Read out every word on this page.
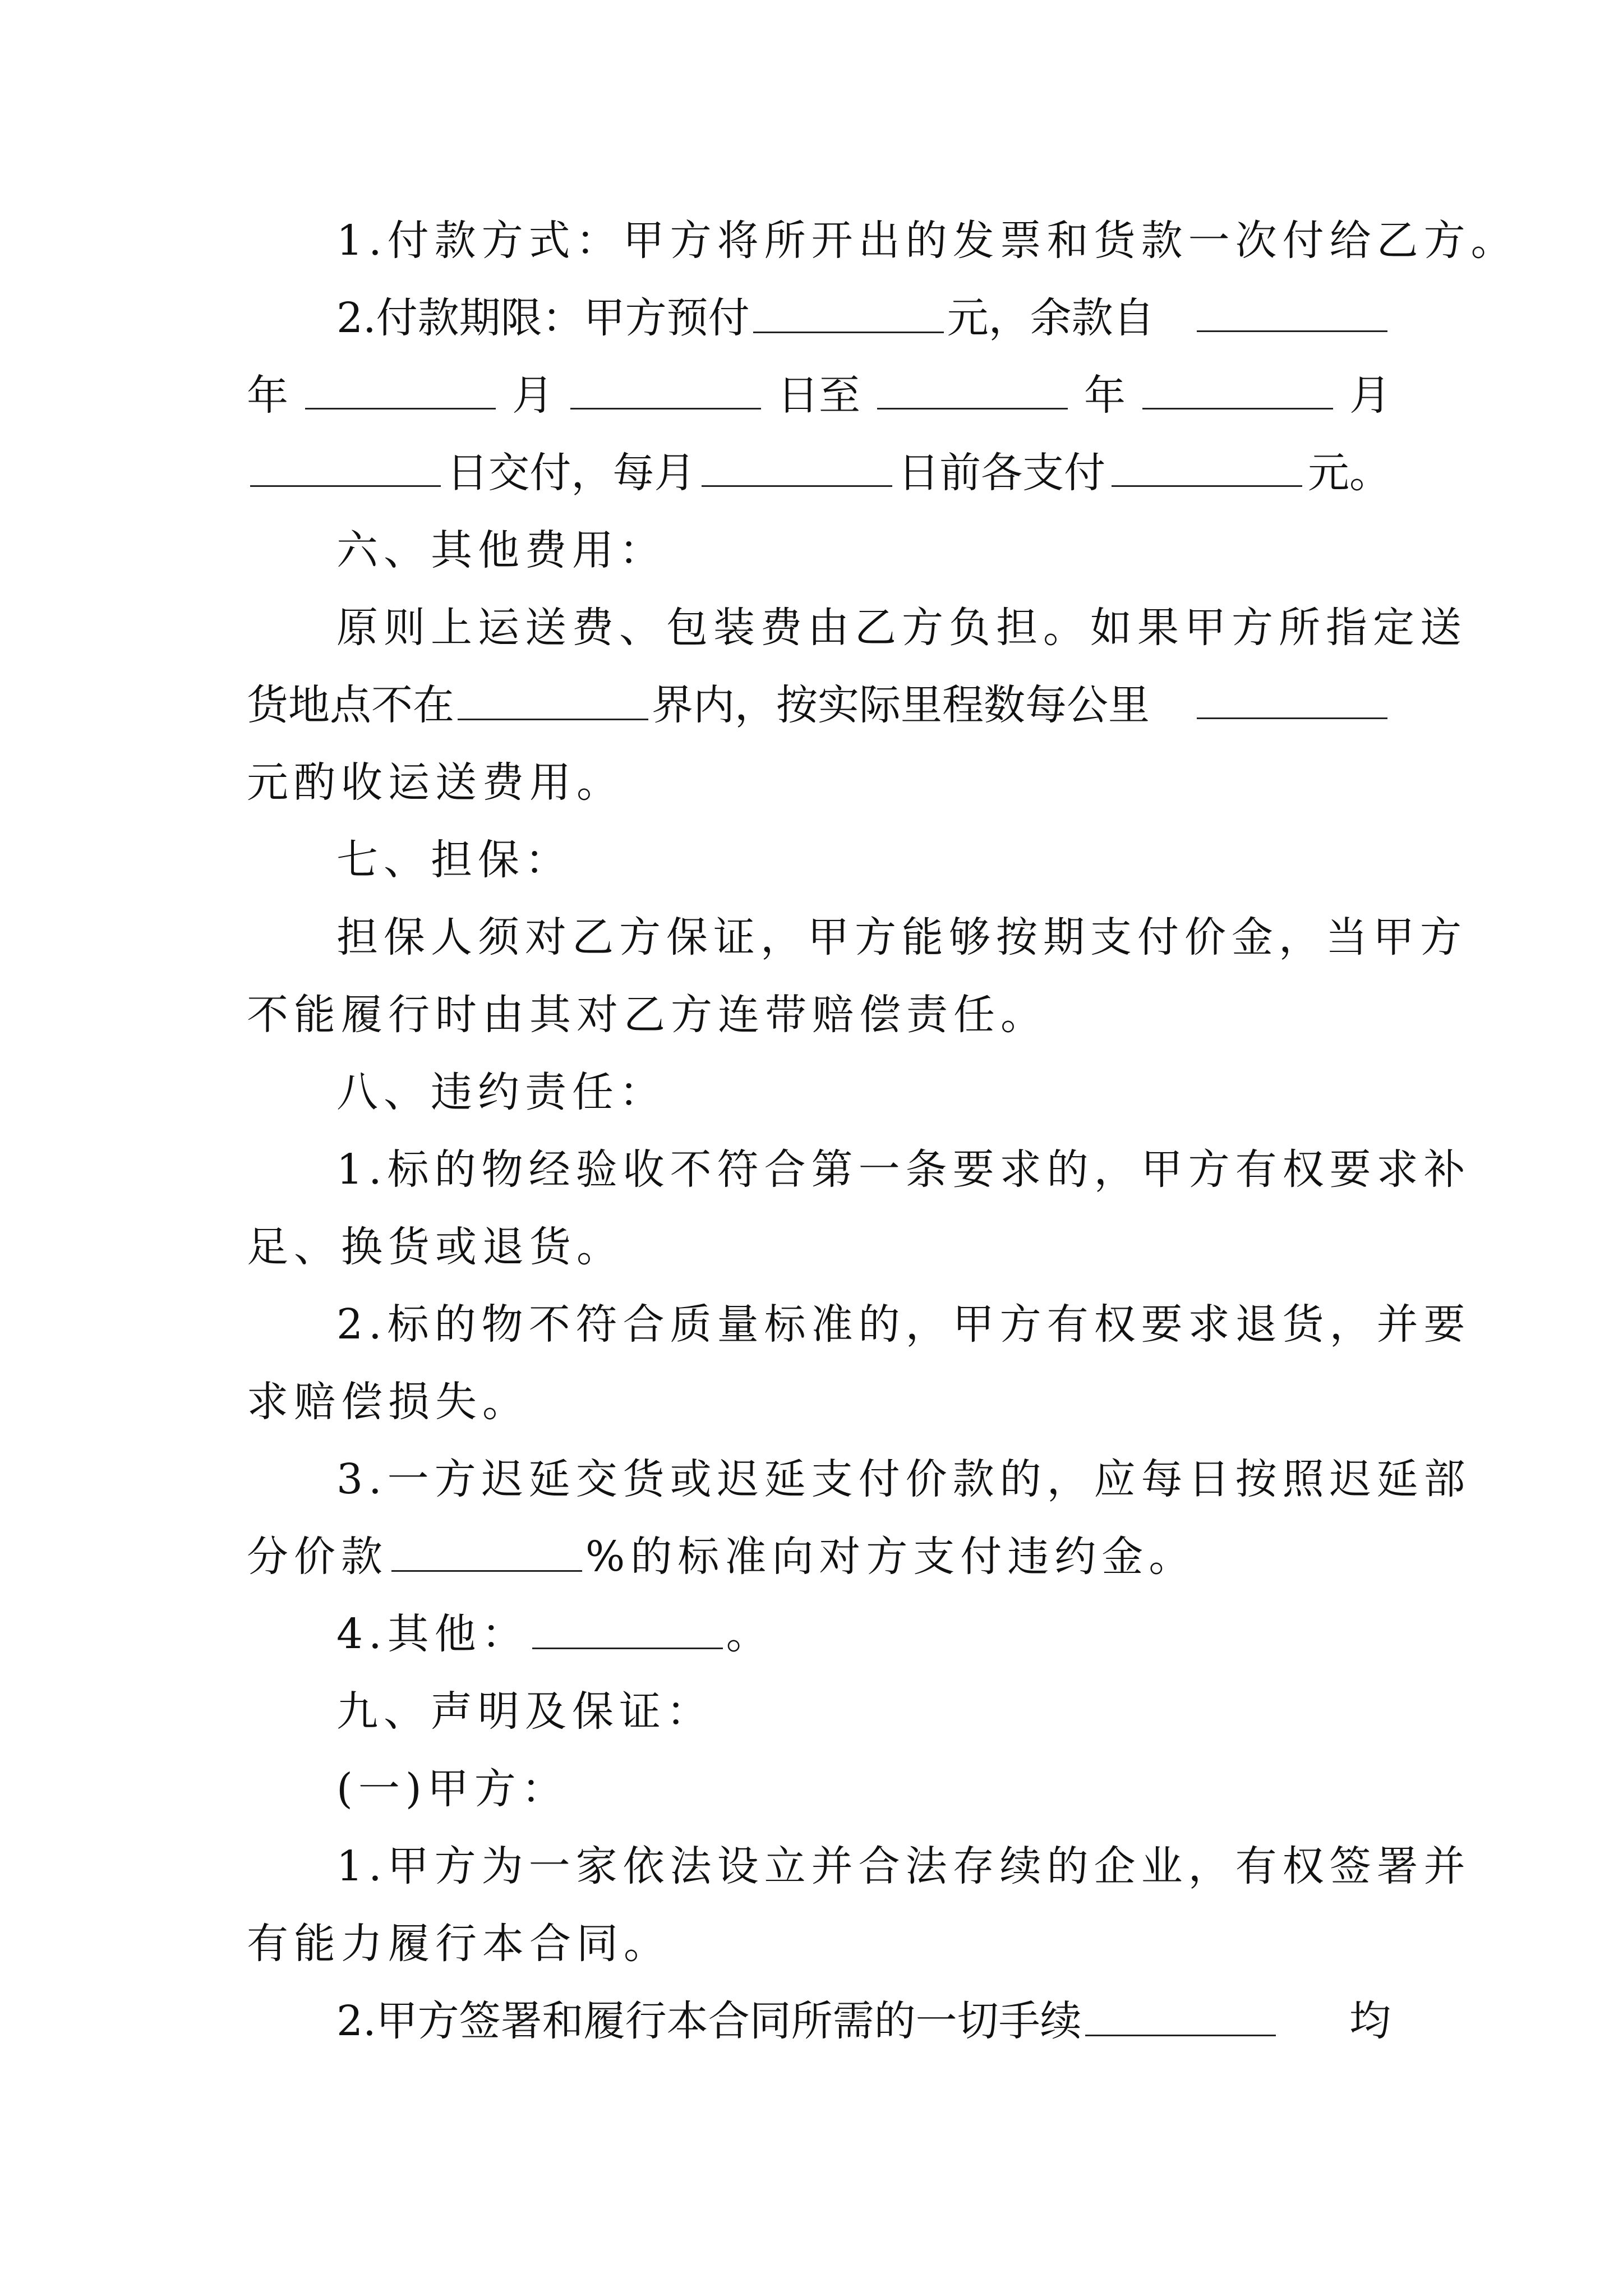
1.付款方式：甲方将所开出的发票和货款一次付给乙方。
2.付款期限：甲方预付	元，余款自
年	月	日至	年	月
日交付，每月	日前各支付	元。
六、其他费用：
原则上运送费、包装费由乙方负担。如果甲方所指定送
货地点不在	界内，按实际里程数每公里
元酌收运送费用。
七、担保：
担保人须对乙方保证，甲方能够按期支付价金，当甲方
不能履行时由其对乙方连带赔偿责任。
八、违约责任：
1.标的物经验收不符合第一条要求的，甲方有权要求补
足、换货或退货。
2.标的物不符合质量标准的，甲方有权要求退货，并要
求赔偿损失。
3.一方迟延交货或迟延支付价款的，应每日按照迟延部
分价款	%的标准向对方支付违约金。
4.其他：	。
九、声明及保证：
(一)甲方：
1.甲方为一家依法设立并合法存续的企业，有权签署并
有能力履行本合同。
2.甲方签署和履行本合同所需的一切手续	均
